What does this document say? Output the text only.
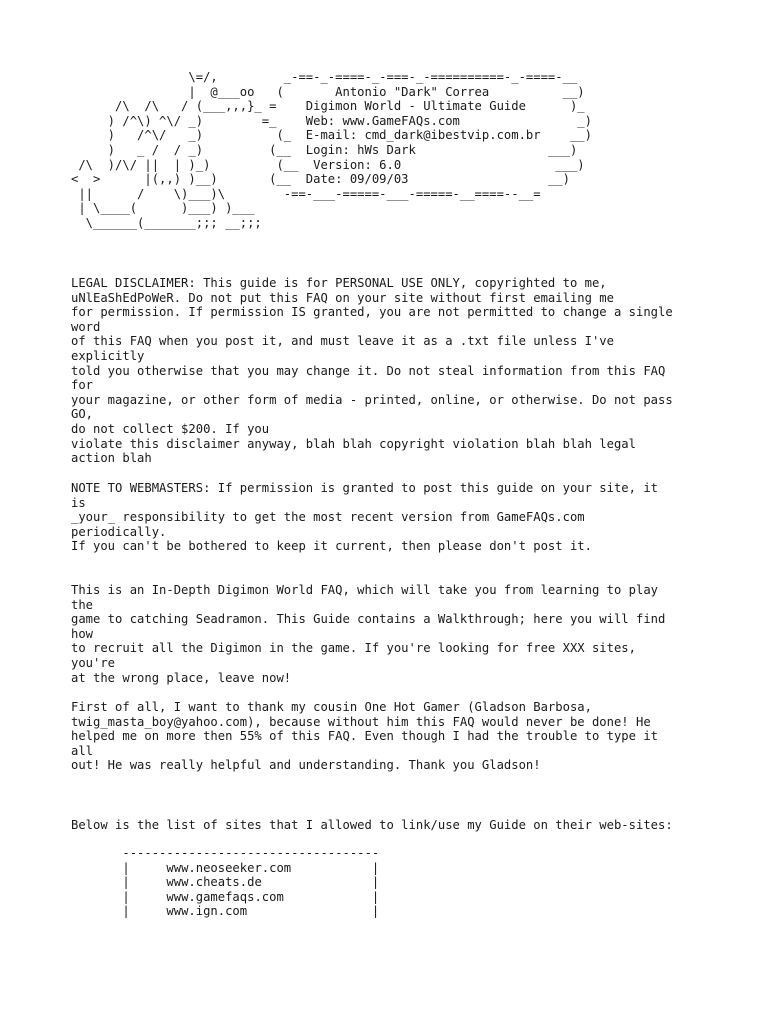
\=/,         _-==-_-====-_-===-_-==========-_-====-__
|  @___oo   (       Antonio "Dark" Correa          __)
/\  /\   / (___,,,}_ =    Digimon World - Ultimate Guide      )_
) /^\) ^\/ _)        =_    Web: www.GameFAQs.com                _)
)   /^\/   _)          (_  E-mail: cmd_dark@ibestvip.com.br    __)
)   _ /  / _)         (__  Login: hWs Dark                  ___)
/\  )/\/ ||  | )_)         (__  Version: 6.0                     ___)
<  >      |(,,) )__)       (__  Date: 09/09/03                   __)
||      /    \)___)\        -==-___-=====-___-=====-__====--__=
| \____(      )___) )___
\______(_______;;; __;;;
LEGAL DISCLAIMER: This guide is for PERSONAL USE ONLY, copyrighted to me,
uNlEaShEdPoWeR. Do not put this FAQ on your site without first emailing me
for permission. If permission IS granted, you are not permitted to change a single
word
of this FAQ when you post it, and must leave it as a .txt file unless I've
explicitly
told you otherwise that you may change it. Do not steal information from this FAQ
for
your magazine, or other form of media - printed, online, or otherwise. Do not pass
GO,
do not collect $200. If you
violate this disclaimer anyway, blah blah copyright violation blah blah legal
action blah
NOTE TO WEBMASTERS: If permission is granted to post this guide on your site, it
is
_your_ responsibility to get the most recent version from GameFAQs.com
periodically.
If you can't be bothered to keep it current, then please don't post it.
This is an In-Depth Digimon World FAQ, which will take you from learning to play
the
game to catching Seadramon. This Guide contains a Walkthrough; here you will find
how
to recruit all the Digimon in the game. If you're looking for free XXX sites,
you're
at the wrong place, leave now!
First of all, I want to thank my cousin One Hot Gamer (Gladson Barbosa,
twig_masta_boy@yahoo.com), because without him this FAQ would never be done! He
helped me on more then 55% of this FAQ. Even though I had the trouble to type it
all
out! He was really helpful and understanding. Thank you Gladson!
Below is the list of sites that I allowed to link/use my Guide on their web-sites:
-----------------------------------
|     www.neoseeker.com           |
|     www.cheats.de               |
|     www.gamefaqs.com            |
|     www.ign.com                 |
